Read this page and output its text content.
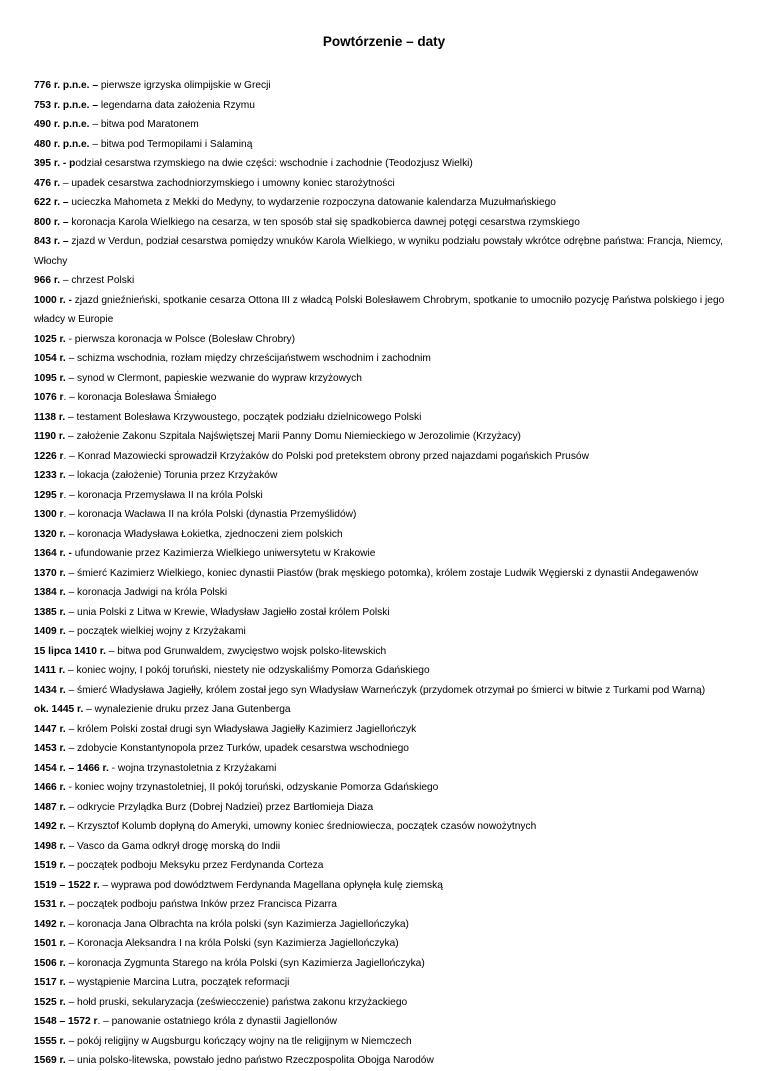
Powtórzenie – daty

776 r. p.n.e. – pierwsze igrzyska olimpijskie w Grecji

753 r. p.n.e. – legendarna data założenia Rzymu

490 r. p.n.e. – bitwa pod Maratonem

480 r. p.n.e. – bitwa pod Termopilami i Salaminą

395 r. - podział cesarstwa rzymskiego na dwie części: wschodnie i zachodnie (Teodozjusz Wielki)

476 r. – upadek cesarstwa zachodniorzymskiego i umowny koniec starożytności

622 r. – ucieczka Mahometa z Mekki do Medyny, to wydarzenie rozpoczyna datowanie kalendarza Muzułmańskiego

800 r. – koronacja Karola Wielkiego na cesarza, w ten sposób stał się spadkobierca dawnej potęgi cesarstwa rzymskiego

843 r. – zjazd w Verdun, podział cesarstwa pomiędzy wnuków Karola Wielkiego, w wyniku podziału powstały wkrótce odrębne państwa: Francja, Niemcy, Włochy

966 r. – chrzest Polski

1000 r. - zjazd gnieźnieński, spotkanie cesarza Ottona III z władcą Polski Bolesławem Chrobrym, spotkanie to umocniło pozycję Państwa polskiego i jego władcy w Europie

1025 r. - pierwsza koronacja w Polsce (Bolesław Chrobry)

1054 r. – schizma wschodnia, rozłam między chrześcijaństwem wschodnim i zachodnim

1095 r. – synod w Clermont, papieskie wezwanie do wypraw krzyżowych

1076 r. – koronacja Bolesława Śmiałego

1138 r. – testament Bolesława Krzywoustego, początek podziału dzielnicowego Polski

1190 r. – założenie Zakonu Szpitala Najświętszej Marii Panny Domu Niemieckiego w Jerozolimie (Krzyżacy)

1226 r. – Konrad Mazowiecki sprowadził Krzyżaków do Polski pod pretekstem obrony przed najazdami pogańskich Prusów

1233 r. – lokacja (założenie) Torunia przez Krzyżaków

1295 r. – koronacja Przemysława II na króla Polski

1300 r. – koronacja Wacława II na króla Polski (dynastia Przemyślidów)

1320 r. – koronacja Władysława Łokietka, zjednoczeni ziem polskich

1364 r. - ufundowanie przez Kazimierza Wielkiego uniwersytetu w Krakowie

1370 r. – śmierć Kazimierz Wielkiego, koniec dynastii Piastów (brak męskiego potomka), królem zostaje Ludwik Węgierski z dynastii Andegawenów

1384 r. – koronacja Jadwigi na króla Polski

1385 r. – unia Polski z Litwa w Krewie, Władysław Jagiełło został królem Polski

1409 r. – początek wielkiej wojny z Krzyżakami

15 lipca 1410 r. – bitwa pod Grunwaldem, zwycięstwo wojsk polsko-litewskich

1411 r. – koniec wojny, I pokój toruński, niestety nie odzyskaliśmy Pomorza Gdańskiego

1434 r. – śmierć Władysława Jagiełły, królem został jego syn Władysław Warneńczyk (przydomek otrzymał po śmierci w bitwie z Turkami pod Warną)

ok. 1445 r. – wynalezienie druku przez Jana Gutenberga

1447 r. – królem Polski został drugi syn Władysława Jagiełły Kazimierz Jagiellończyk

1453 r. – zdobycie Konstantynopola przez Turków, upadek cesarstwa wschodniego

1454 r. – 1466 r. - wojna trzynastoletnia z Krzyżakami

1466 r. - koniec wojny trzynastoletniej, II pokój toruński, odzyskanie Pomorza Gdańskiego

1487 r. – odkrycie Przylądka Burz (Dobrej Nadziei) przez Bartłomieja Diaza

1492 r. – Krzysztof Kolumb dopłyną do Ameryki, umowny koniec średniowiecza, początek czasów nowożytnych

1498 r. – Vasco da Gama odkrył drogę morską do Indii

1519 r. – początek podboju Meksyku przez Ferdynanda Corteza

1519 – 1522 r. – wyprawa pod dowództwem Ferdynanda Magellana opłynęła kulę ziemską

1531 r. – początek podboju państwa Inków przez Francisca Pizarra

1492 r. – koronacja Jana Olbrachta na króla polski (syn Kazimierza Jagiellończyka)

1501 r. – Koronacja Aleksandra I na króla Polski (syn Kazimierza Jagiellończyka)

1506 r. – koronacja Zygmunta Starego na króla Polski (syn Kazimierza Jagiellończyka)

1517 r. – wystąpienie Marcina Lutra, początek reformacji

1525 r. – hołd pruski, sekularyzacja (zeświecczenie) państwa zakonu krzyżackiego

1548 – 1572 r. – panowanie ostatniego króla z dynastii Jagiellonów

1555 r. – pokój religijny w Augsburgu kończący wojny na tle religijnym w Niemczech

1569 r. – unia polsko-litewska, powstało jedno państwo Rzeczpospolita Obojga Narodów
